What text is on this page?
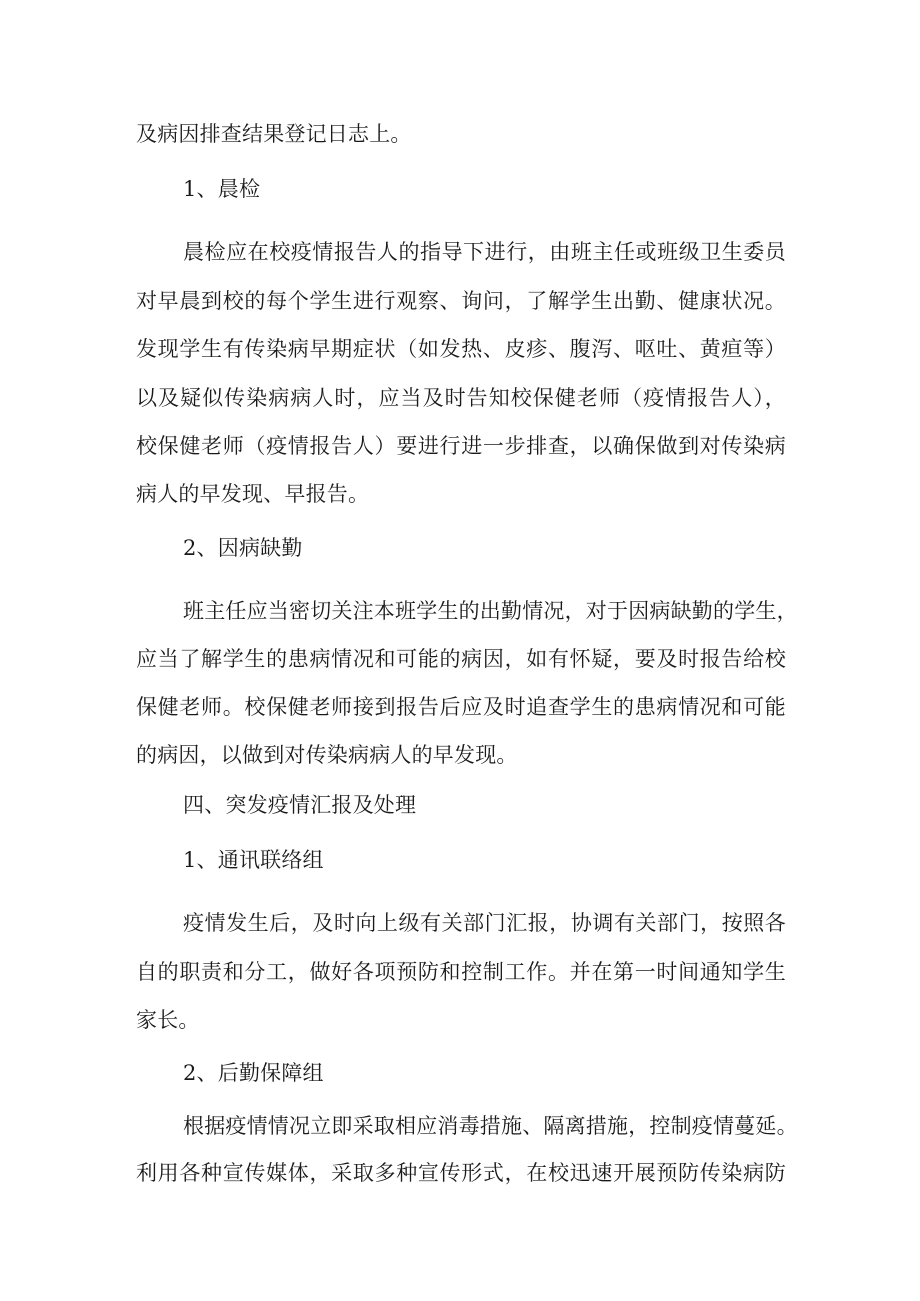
及病因排查结果登记日志上。
1、晨检
晨检应在校疫情报告人的指导下进行，由班主任或班级卫生委员
对早晨到校的每个学生进行观察、询问，了解学生出勤、健康状况。
发现学生有传染病早期症状（如发热、皮疹、腹泻、呕吐、黄疸等）
以及疑似传染病病人时，应当及时告知校保健老师（疫情报告人），
校保健老师（疫情报告人）要进行进一步排查，以确保做到对传染病
病人的早发现、早报告。
2、因病缺勤
班主任应当密切关注本班学生的出勤情况，对于因病缺勤的学生，
应当了解学生的患病情况和可能的病因，如有怀疑，要及时报告给校
保健老师。校保健老师接到报告后应及时追查学生的患病情况和可能
的病因，以做到对传染病病人的早发现。
四、突发疫情汇报及处理
1、通讯联络组
疫情发生后，及时向上级有关部门汇报，协调有关部门，按照各
自的职责和分工，做好各项预防和控制工作。并在第一时间通知学生
家长。
2、后勤保障组
根据疫情情况立即采取相应消毒措施、隔离措施，控制疫情蔓延。
利用各种宣传媒体，采取多种宣传形式，在校迅速开展预防传染病防
